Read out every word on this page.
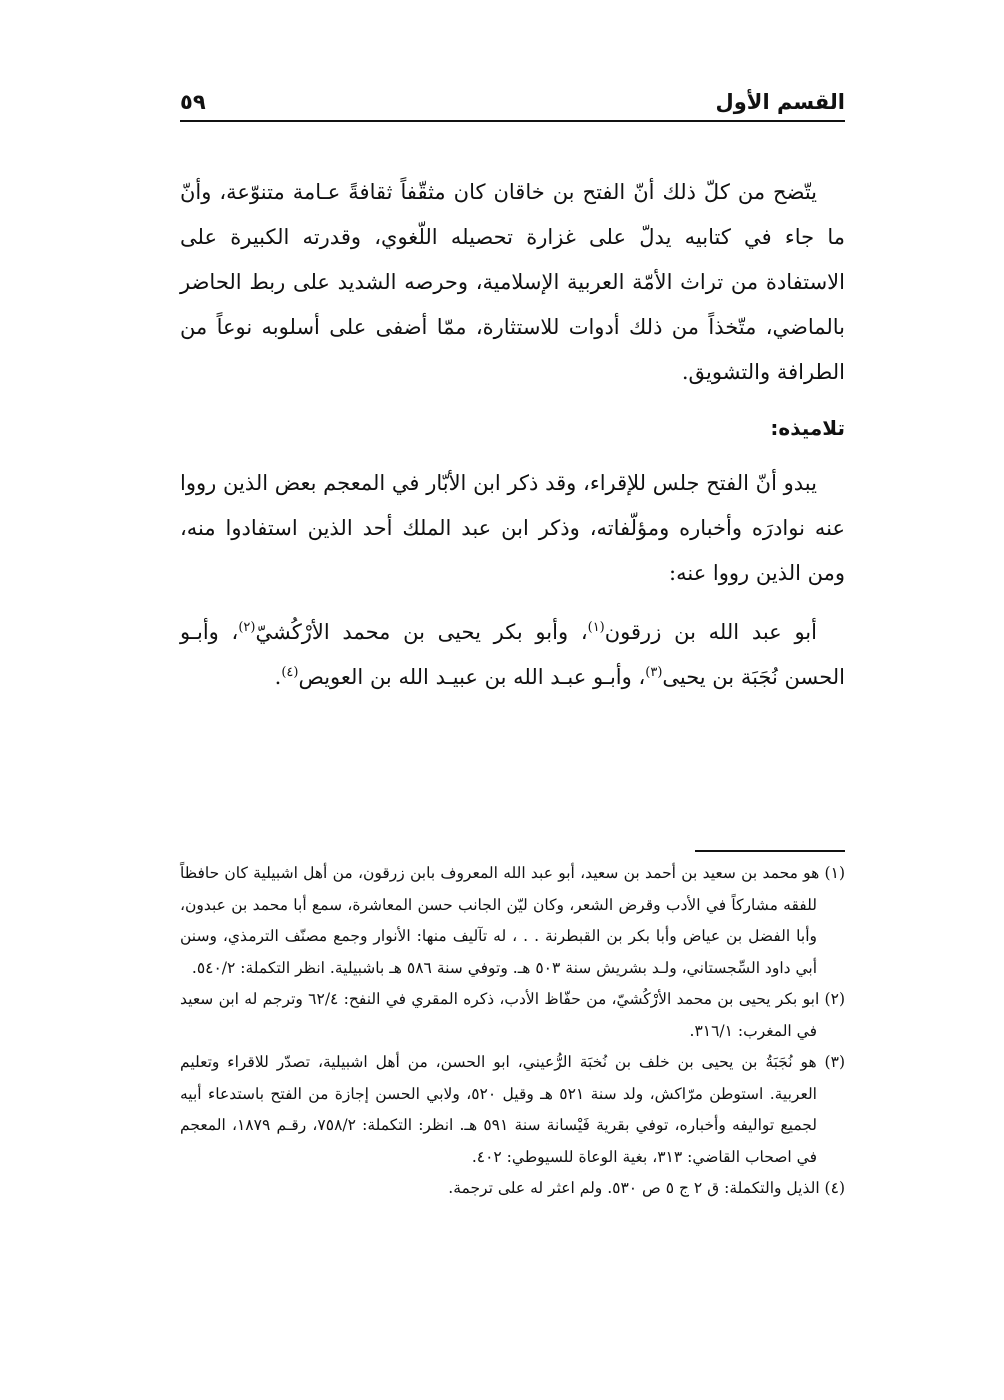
القسم الأول
٥٩

يتّضح من كلّ ذلك أنّ الفتح بن خاقان كان مثقّفاً ثقافةً عـامة متنوّعة، وأنّ ما جاء في كتابيه يدلّ على غزارة تحصيله اللّغوي، وقدرته الكبيرة على الاستفادة من تراث الأمّة العربية الإسلامية، وحرصه الشديد على ربط الحاضر بالماضي، متّخذاً من ذلك أدوات للاستثارة، ممّا أضفى على أسلوبه نوعاً من الطرافة والتشويق.

تلاميذه:

يبدو أنّ الفتح جلس للإقراء، وقد ذكر ابن الأبّار في المعجم بعض الذين رووا عنه نوادرَه وأخباره ومؤلّفاته، وذكر ابن عبد الملك أحد الذين استفادوا منه، ومن الذين رووا عنه:

أبو عبد الله بن زرقون$^{(١)}$، وأبو بكر يحيى بن محمد الأرْكُشيّ$^{(٢)}$، وأبـو الحسن نُجَبَة بن يحيى$^{(٣)}$، وأبـو عبـد الله بن عبيـد الله بن العويص$^{(٤)}$.

(١) هو محمد بن سعيد بن أحمد بن سعيد، أبو عبد الله المعروف بابن زرقون، من أهل اشبيلية كان حافظاً للفقه مشاركاً في الأدب وقرض الشعر، وكان ليّن الجانب حسن المعاشرة، سمع أبا محمد بن عبدون، وأبا الفضل بن عياض وأبا بكر بن القبطرنة . . ، له تآليف منها: الأنوار وجمع مصنّف الترمذي، وسنن أبي داود السِّجستاني، ولـد بشريش سنة ٥٠٣ هـ. وتوفي سنة ٥٨٦ هـ باشبيلية. انظر التكملة: ٥٤٠/٢.
(٢) ابو بكر يحيى بن محمد الأرْكُشيّ، من حفّاظ الأدب، ذكره المقري في النفح: ٦٢/٤ وترجم له ابن سعيد في المغرب: ٣١٦/١.
(٣) هو نُجَبَةُ بن يحيى بن خلف بن نُخبَة الرُّعيني، ابو الحسن، من أهل اشبيلية، تصدّر للاقراء وتعليم العربية. استوطن مرّاكش، ولد سنة ٥٢١ هـ وقيل ٥٢٠، ولابي الحسن إجازة من الفتح باستدعاء أبيه لجميع تواليفه وأخباره، توفي بقرية فَيْسانة سنة ٥٩١ هـ. انظر: التكملة: ٧٥٨/٢، رقـم ١٨٧٩، المعجم في اصحاب القاضي: ٣١٣، بغية الوعاة للسيوطي: ٤٠٢.
(٤) الذيل والتكملة: ق ٢ ج ٥ ص ٥٣٠. ولم اعثر له على ترجمة.
